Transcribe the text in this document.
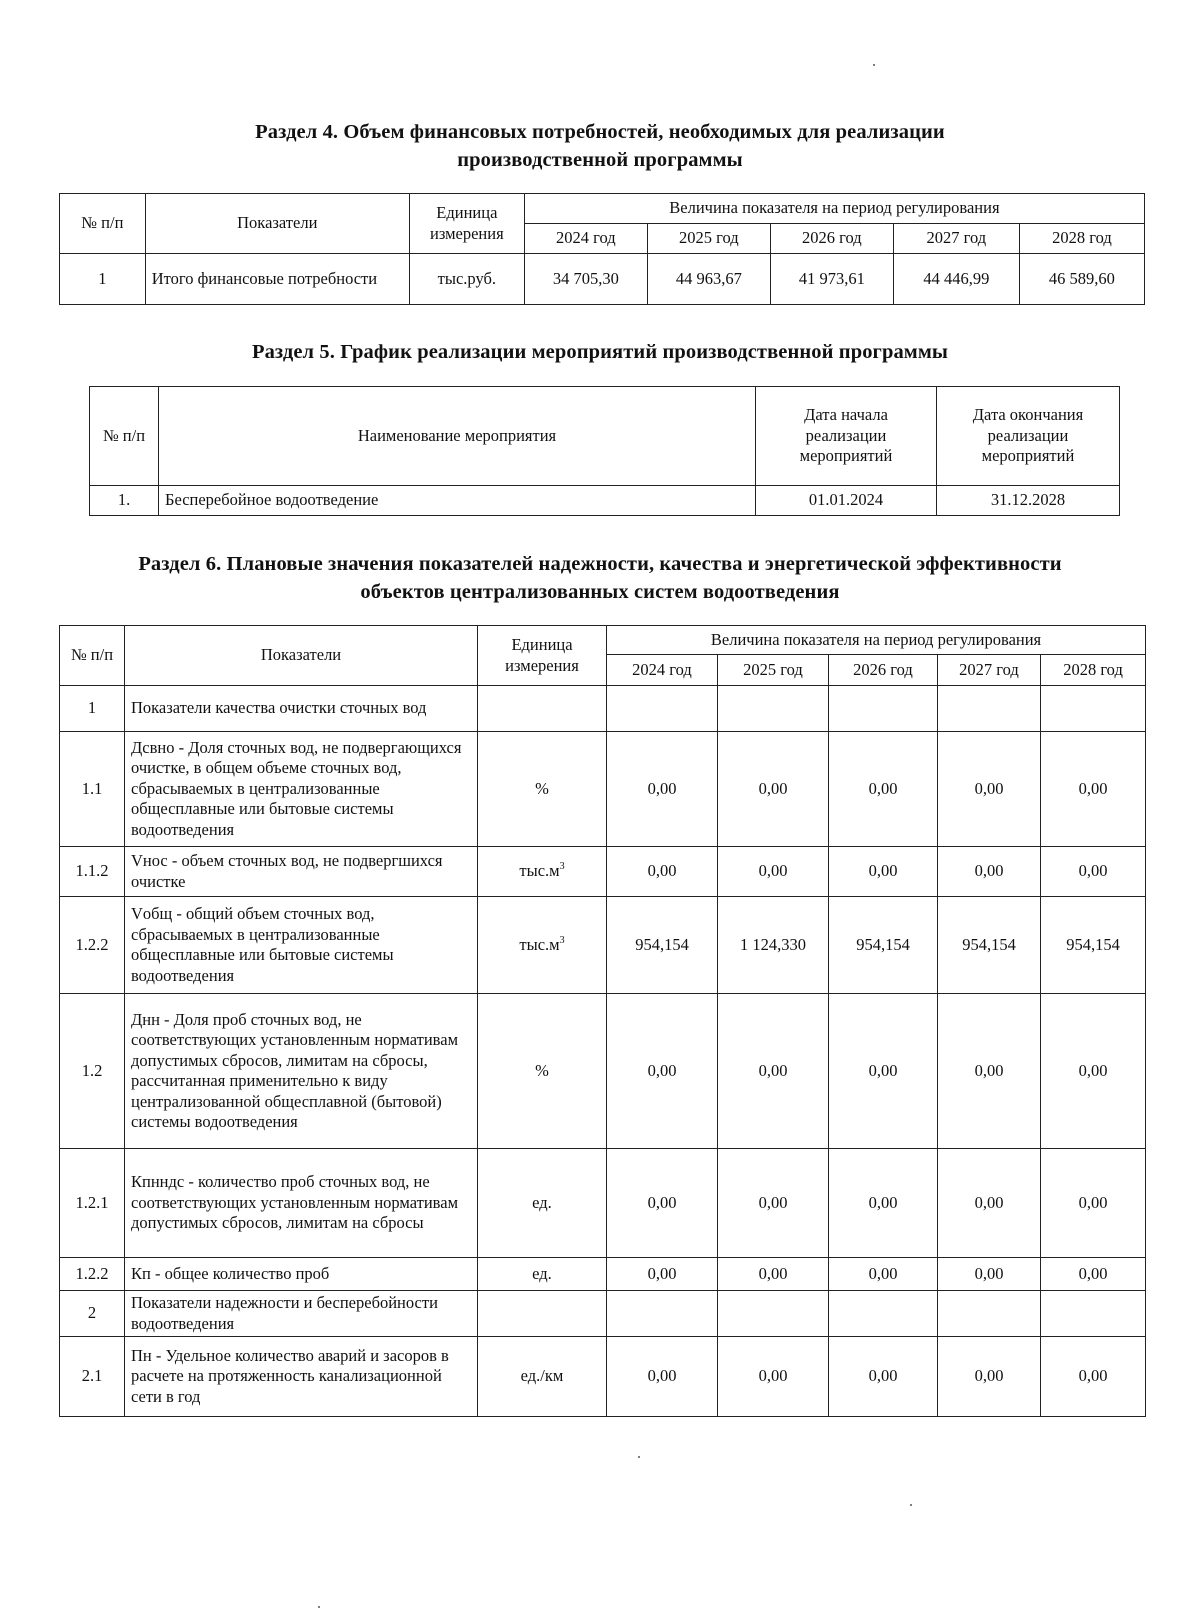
Раздел 4. Объем финансовых потребностей, необходимых для реализации
производственной программы
№ п/п	Показатели	Единица измерения	Величина показателя на период регулирования				
			2024 год	2025 год	2026 год	2027 год	2028 год
1	Итого финансовые потребности	тыс.руб.	34 705,30	44 963,67	41 973,61	44 446,99	46 589,60
Раздел 5. График реализации мероприятий производственной программы
№ п/п	Наименование мероприятия	Дата начала реализации мероприятий	Дата окончания реализации мероприятий
1.	Бесперебойное водоотведение	01.01.2024	31.12.2028
Раздел 6. Плановые значения показателей надежности, качества и энергетической эффективности
объектов централизованных систем водоотведения
№ п/п	Показатели	Единица измерения	Величина показателя на период регулирования				
			2024 год	2025 год	2026 год	2027 год	2028 год
1	Показатели качества очистки сточных вод						
1.1	Дсвно - Доля сточных вод, не подвергающихся очистке, в общем объеме сточных вод, сбрасываемых в централизованные общесплавные или бытовые системы водоотведения	%	0,00	0,00	0,00	0,00	0,00
1.1.2	Vнос - объем сточных вод, не подвергшихся очистке	$тыс.м^3$	0,00	0,00	0,00	0,00	0,00
1.2.2	Vобщ - общий объем сточных вод, сбрасываемых в централизованные общесплавные или бытовые системы водоотведения	$тыс.м^3$	954,154	1 124,330	954,154	954,154	954,154
1.2	Днн - Доля проб сточных вод, не соответствующих установленным нормативам допустимых сбросов, лимитам на сбросы, рассчитанная применительно к виду централизованной общесплавной (бытовой) системы водоотведения	%	0,00	0,00	0,00	0,00	0,00
1.2.1	Кпнндс - количество проб сточных вод, не соответствующих установленным нормативам допустимых сбросов, лимитам на сбросы	ед.	0,00	0,00	0,00	0,00	0,00
1.2.2	Кп - общее количество проб	ед.	0,00	0,00	0,00	0,00	0,00
2	Показатели надежности и бесперебойности водоотведения						
2.1	Пн - Удельное количество аварий и засоров в расчете на протяженность канализационной сети в год	ед./км	0,00	0,00	0,00	0,00	0,00
